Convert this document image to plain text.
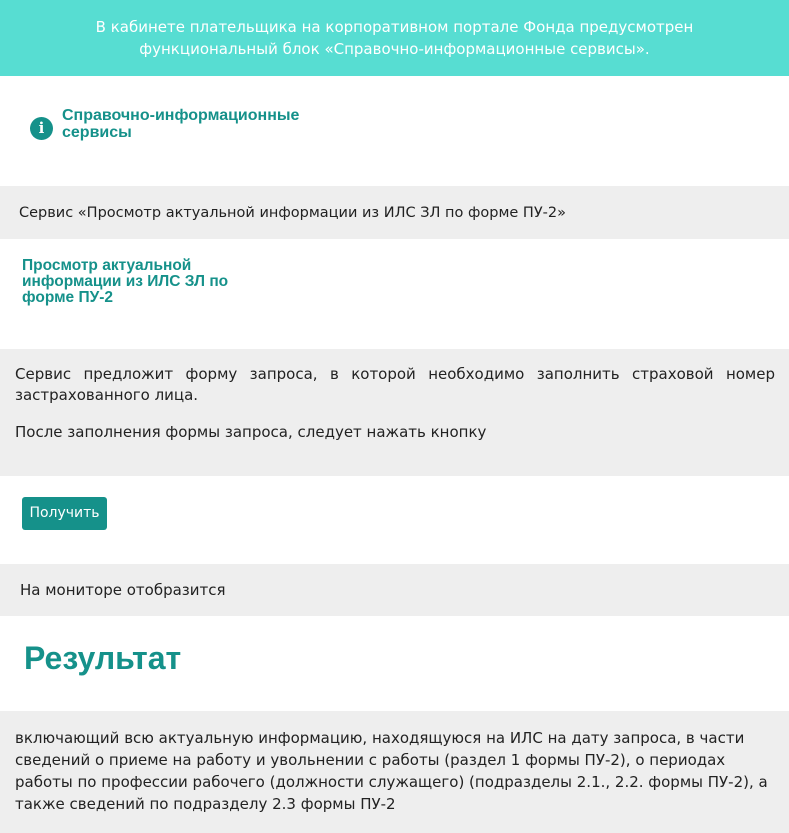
В кабинете плательщика на корпоративном портале Фонда предусмотрен функциональный блок «Справочно-информационные сервисы».
i
Справочно-информационные сервисы
Сервис «Просмотр актуальной информации из ИЛС ЗЛ по форме ПУ-2»
Просмотр актуальной информации из ИЛС ЗЛ по форме ПУ-2

Сервис предложит форму запроса, в которой необходимо заполнить страховой номер застрахованного лица.

После заполнения формы запроса, следует нажать кнопку

Получить
На мониторе отобразится
Результат
включающий всю актуальную информацию, находящуюся на ИЛС на дату запроса, в части сведений о приеме на работу и увольнении с работы (раздел 1 формы ПУ-2), о периодах работы по профессии рабочего (должности служащего) (подразделы 2.1., 2.2. формы ПУ-2), а также сведений по подразделу 2.3 формы ПУ-2
